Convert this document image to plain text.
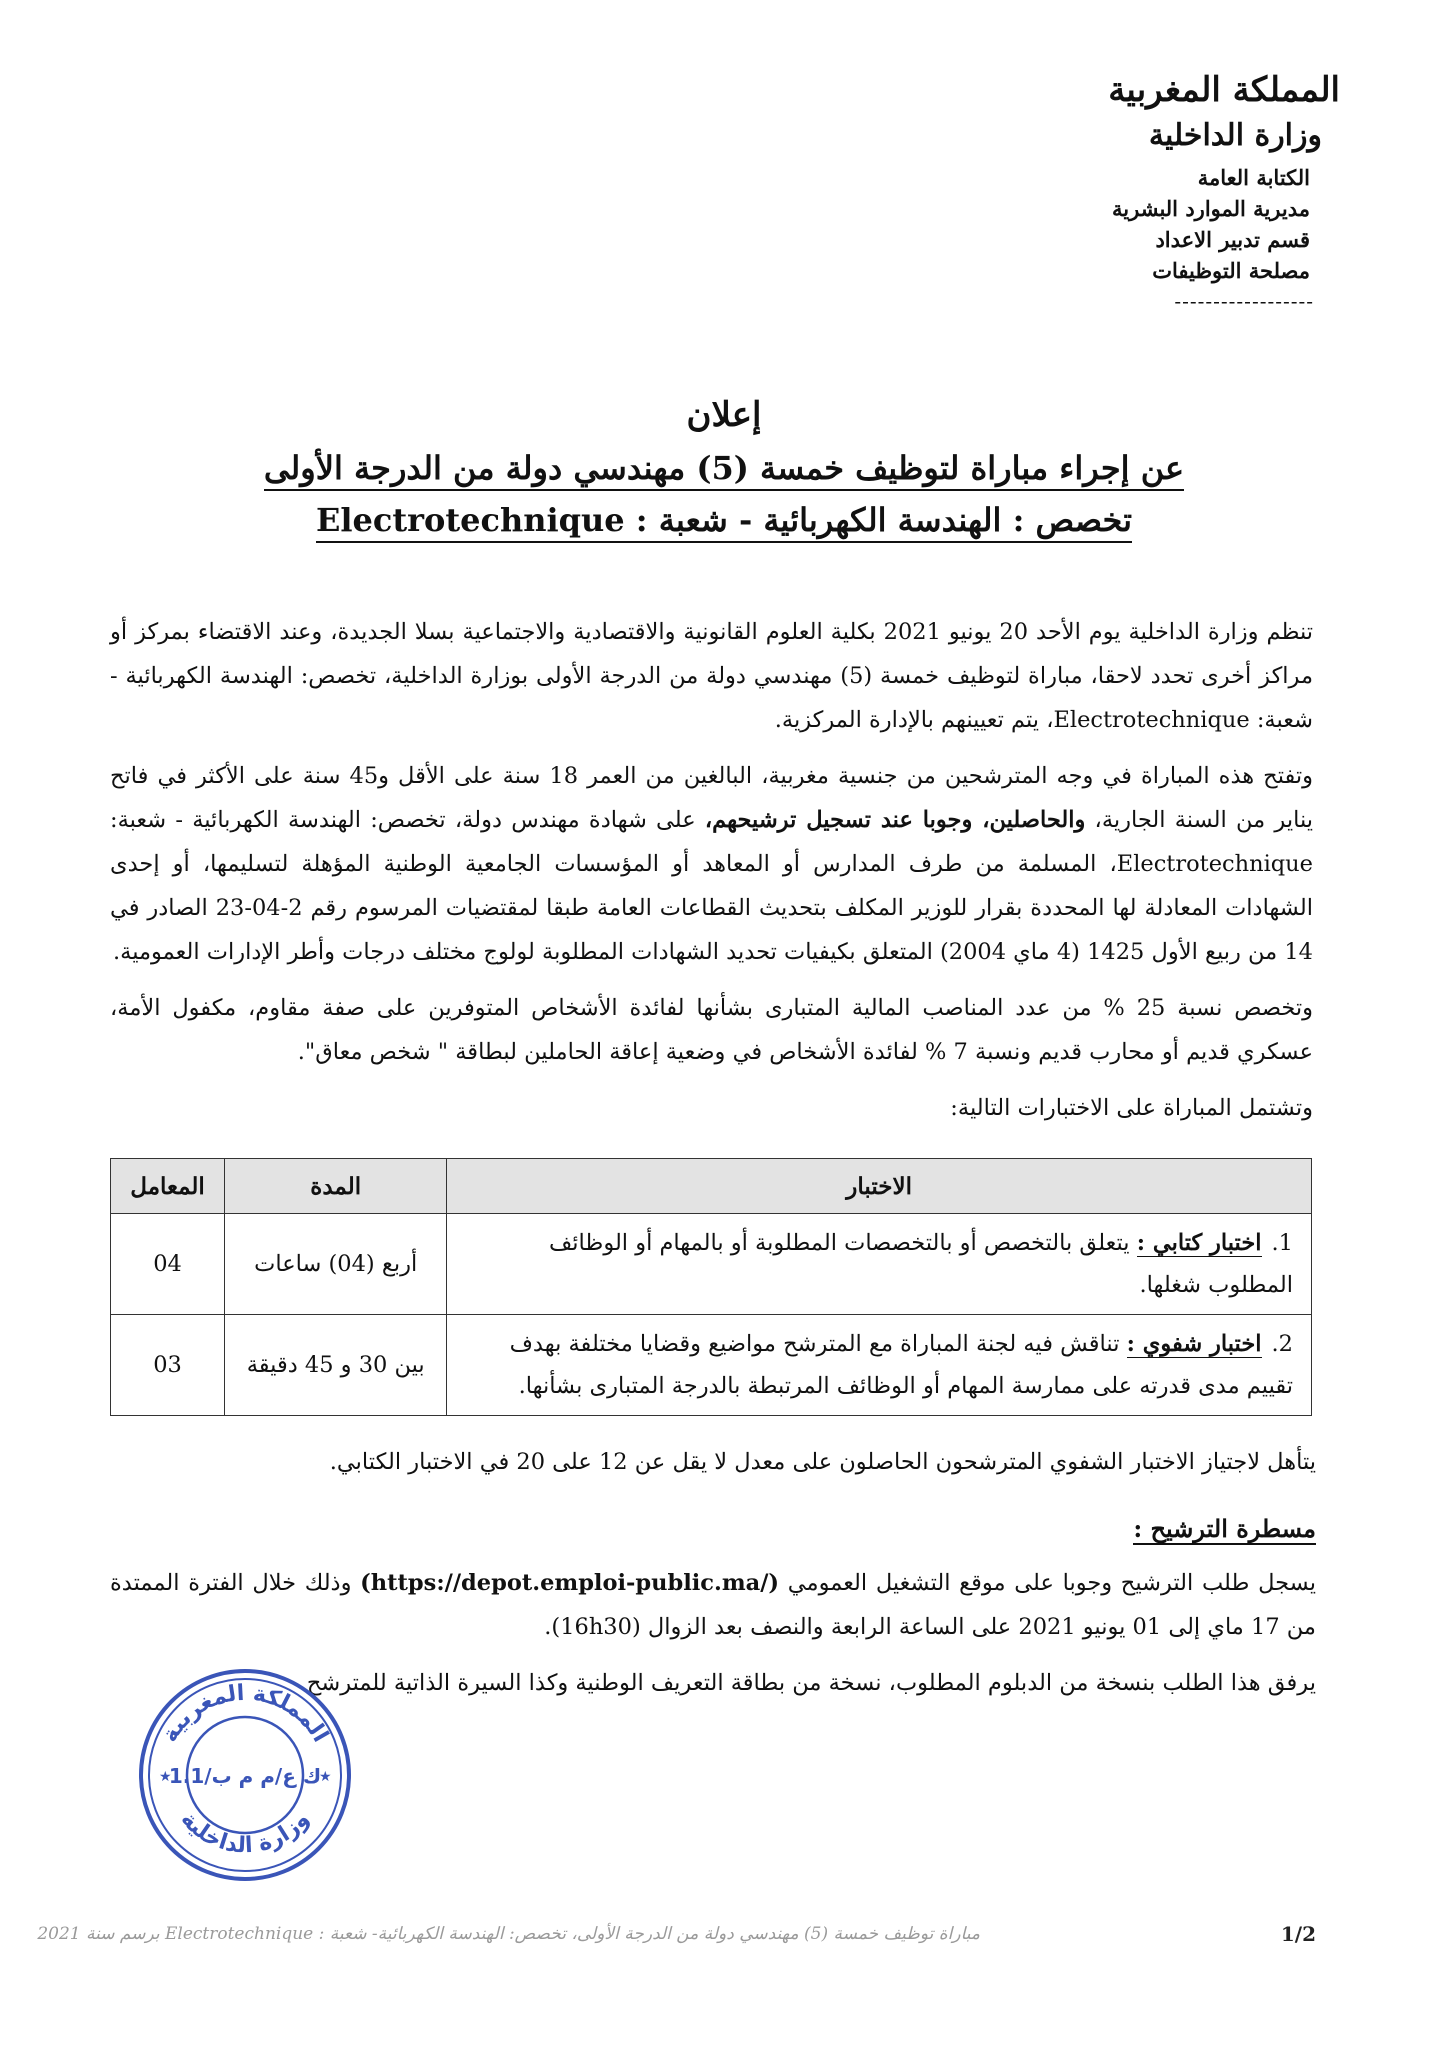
المملكة المغربية
وزارة الداخلية
الكتابة العامة
مديرية الموارد البشرية
قسم تدبير الاعداد
مصلحة التوظيفات
------------------
إعلان
عن إجراء مباراة لتوظيف خمسة (5) مهندسي دولة من الدرجة الأولى
تخصص : الهندسة الكهربائية - شعبة : Electrotechnique

تنظم وزارة الداخلية يوم الأحد 20 يونيو 2021 بكلية العلوم القانونية والاقتصادية والاجتماعية بسلا الجديدة، وعند الاقتضاء بمركز أو مراكز أخرى تحدد لاحقا، مباراة لتوظيف خمسة (5) مهندسي دولة من الدرجة الأولى بوزارة الداخلية، تخصص: الهندسة الكهربائية - شعبة: Electrotechnique، يتم تعيينهم بالإدارة المركزية.

وتفتح هذه المباراة في وجه المترشحين من جنسية مغربية، البالغين من العمر 18 سنة على الأقل و45 سنة على الأكثر في فاتح يناير من السنة الجارية، والحاصلين، وجوبا عند تسجيل ترشيحهم، على شهادة مهندس دولة، تخصص: الهندسة الكهربائية - شعبة: Electrotechnique، المسلمة من طرف المدارس أو المعاهد أو المؤسسات الجامعية الوطنية المؤهلة لتسليمها، أو إحدى الشهادات المعادلة لها المحددة بقرار للوزير المكلف بتحديث القطاعات العامة طبقا لمقتضيات المرسوم رقم 2-04-23 الصادر في 14 من ربيع الأول 1425 (4 ماي 2004) المتعلق بكيفيات تحديد الشهادات المطلوبة لولوج مختلف درجات وأطر الإدارات العمومية.

وتخصص نسبة 25 % من عدد المناصب المالية المتبارى بشأنها لفائدة الأشخاص المتوفرين على صفة مقاوم، مكفول الأمة، عسكري قديم أو محارب قديم ونسبة 7 % لفائدة الأشخاص في وضعية إعاقة الحاملين لبطاقة " شخص معاق".

وتشتمل المباراة على الاختبارات التالية:

الاختبار	المدة	المعامل
1.اختبار كتابي : يتعلق بالتخصص أو بالتخصصات المطلوبة أو بالمهام أو الوظائف المطلوب شغلها.	أربع (04) ساعات	04
2.اختبار شفوي : تناقش فيه لجنة المباراة مع المترشح مواضيع وقضايا مختلفة بهدف تقييم مدى قدرته على ممارسة المهام أو الوظائف المرتبطة بالدرجة المتبارى بشأنها.	بين 30 و 45 دقيقة	03

يتأهل لاجتياز الاختبار الشفوي المترشحون الحاصلون على معدل لا يقل عن 12 على 20 في الاختبار الكتابي.

مسطرة الترشيح :

يسجل طلب الترشيح وجوبا على موقع التشغيل العمومي (https://depot.emploi-public.ma/) وذلك خلال الفترة الممتدة من 17 ماي إلى 01 يونيو 2021 على الساعة الرابعة والنصف بعد الزوال (16h30).

يرفق هذا الطلب بنسخة من الدبلوم المطلوب، نسخة من بطاقة التعريف الوطنية وكذا السيرة الذاتية للمترشح.

المملكة المغربية
وزارة الداخلية
ك ع/م م ب/1.1
★	★
مباراة توظيف خمسة (5) مهندسي دولة من الدرجة الأولى، تخصص: الهندسة الكهربائية- شعبة : Electrotechnique برسم سنة 2021	1/2
